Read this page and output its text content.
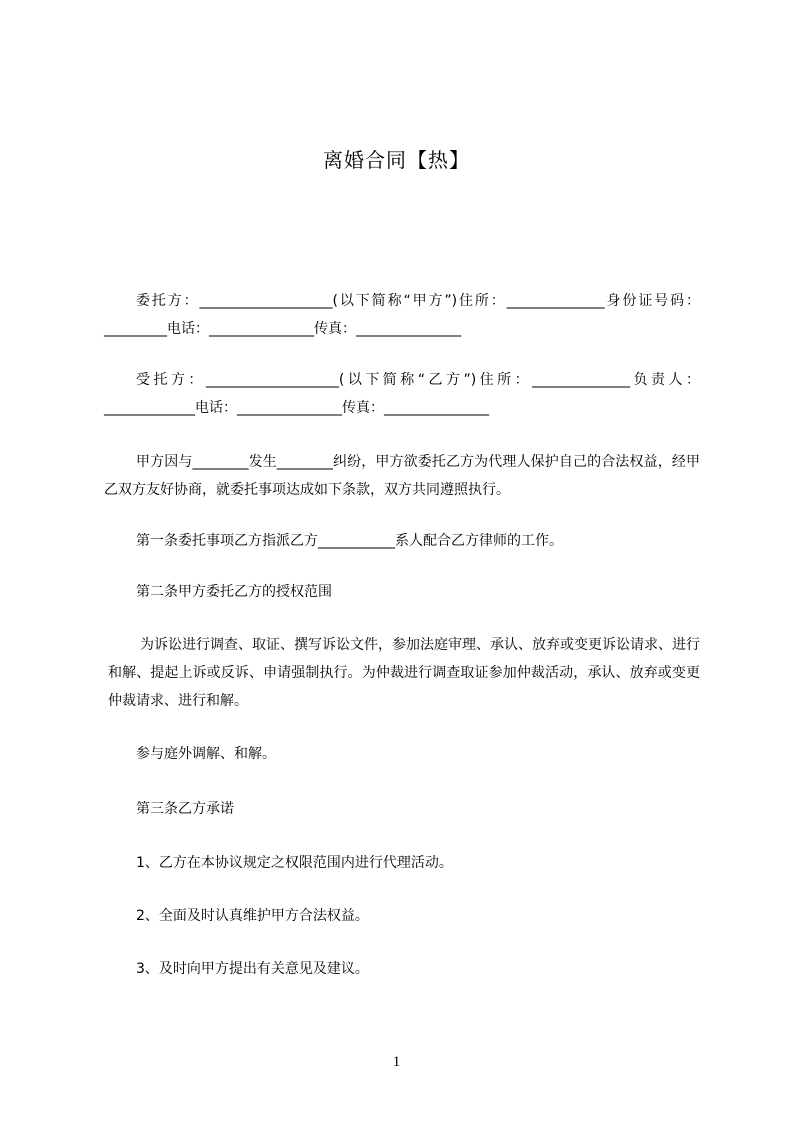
离婚合同【热】
委托方：___________________(以下简称“甲方”)住所：______________身份证号码：_________电话：_______________传真：_______________
受托方：___________________(以下简称“乙方”)住所：______________负责人：_____________电话：_______________传真：_______________
甲方因与________发生________纠纷，甲方欲委托乙方为代理人保护自己的合法权益，经甲乙双方友好协商，就委托事项达成如下条款，双方共同遵照执行。
第一条委托事项乙方指派乙方___________系人配合乙方律师的工作。
第二条甲方委托乙方的授权范围
为诉讼进行调查、取证、撰写诉讼文件，参加法庭审理、承认、放弃或变更诉讼请求、进行和解、提起上诉或反诉、申请强制执行。为仲裁进行调查取证参加仲裁活动，承认、放弃或变更仲裁请求、进行和解。
参与庭外调解、和解。
第三条乙方承诺
1、乙方在本协议规定之权限范围内进行代理活动。
2、全面及时认真维护甲方合法权益。
3、及时向甲方提出有关意见及建议。
1
